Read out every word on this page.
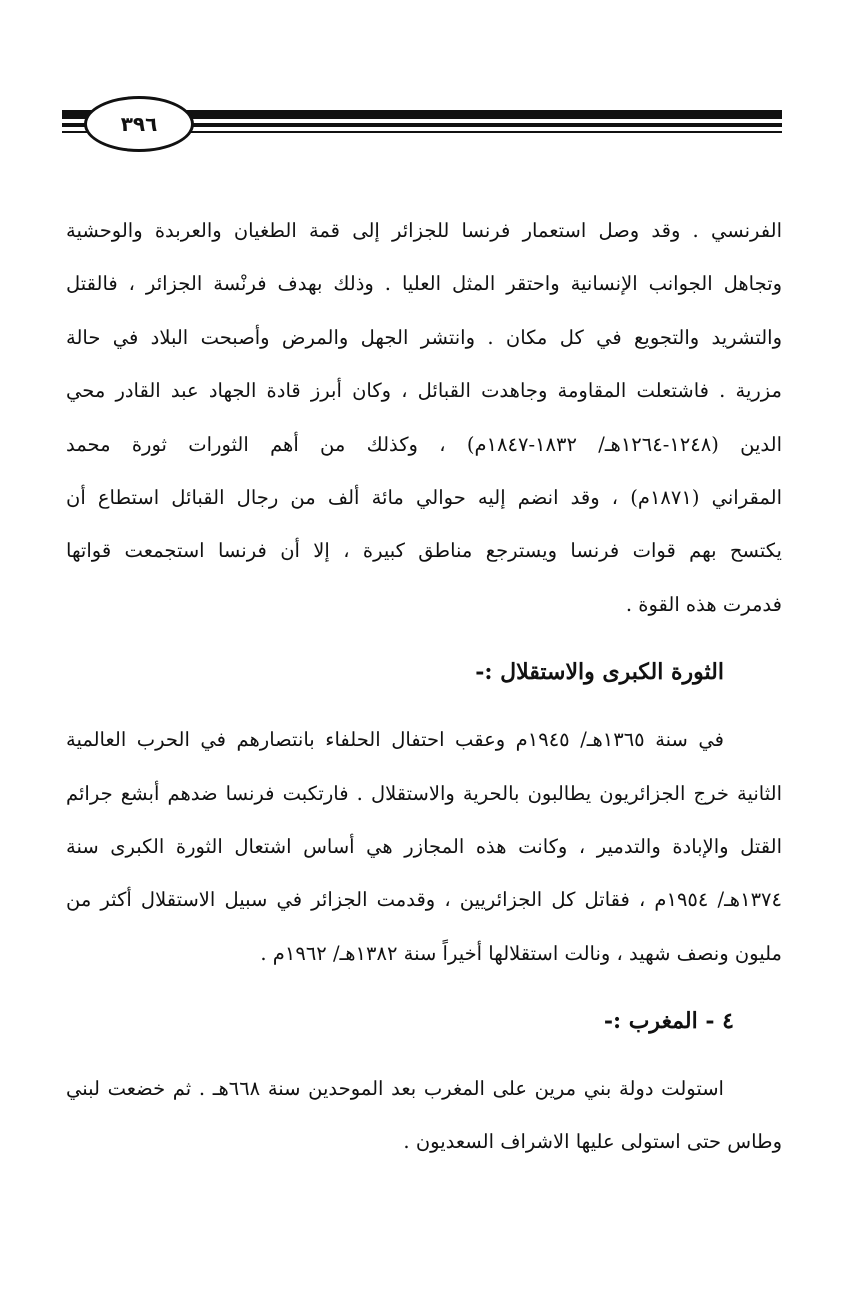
٣٩٦
الفرنسي . وقد وصل استعمار فرنسا للجزائر إلى قمة الطغيان والعربدة والوحشية
وتجاهل الجوانب الإنسانية واحتقر المثل العليا . وذلك بهدف فرنْسة الجزائر ، فالقتل
والتشريد والتجويع في كل مكان . وانتشر الجهل والمرض وأصبحت البلاد في حالة
مزرية . فاشتعلت المقاومة وجاهدت القبائل ، وكان أبرز قادة الجهاد عبد القادر محي
الدين (١٢٤٨-١٢٦٤هـ/ ١٨٣٢-١٨٤٧م) ، وكذلك من أهم الثورات ثورة محمد
المقراني (١٨٧١م) ، وقد انضم إليه حوالي مائة ألف من رجال القبائل استطاع أن
يكتسح بهم قوات فرنسا ويسترجع مناطق كبيرة ، إلا أن فرنسا استجمعت قواتها
فدمرت هذه القوة .
الثورة الكبرى والاستقلال :-
في سنة ١٣٦٥هـ/ ١٩٤٥م وعقب احتفال الحلفاء بانتصارهم في الحرب العالمية
الثانية خرج الجزائريون يطالبون بالحرية والاستقلال . فارتكبت فرنسا ضدهم أبشع جرائم
القتل والإبادة والتدمير ، وكانت هذه المجازر هي أساس اشتعال الثورة الكبرى سنة
١٣٧٤هـ/ ١٩٥٤م ، فقاتل كل الجزائريين ، وقدمت الجزائر في سبيل الاستقلال أكثر من
مليون ونصف شهيد ، ونالت استقلالها أخيراً سنة ١٣٨٢هـ/ ١٩٦٢م .
٤ - المغرب :-
استولت دولة بني مرين على المغرب بعد الموحدين سنة ٦٦٨هـ . ثم خضعت لبني
وطاس حتى استولى عليها الاشراف السعديون .
